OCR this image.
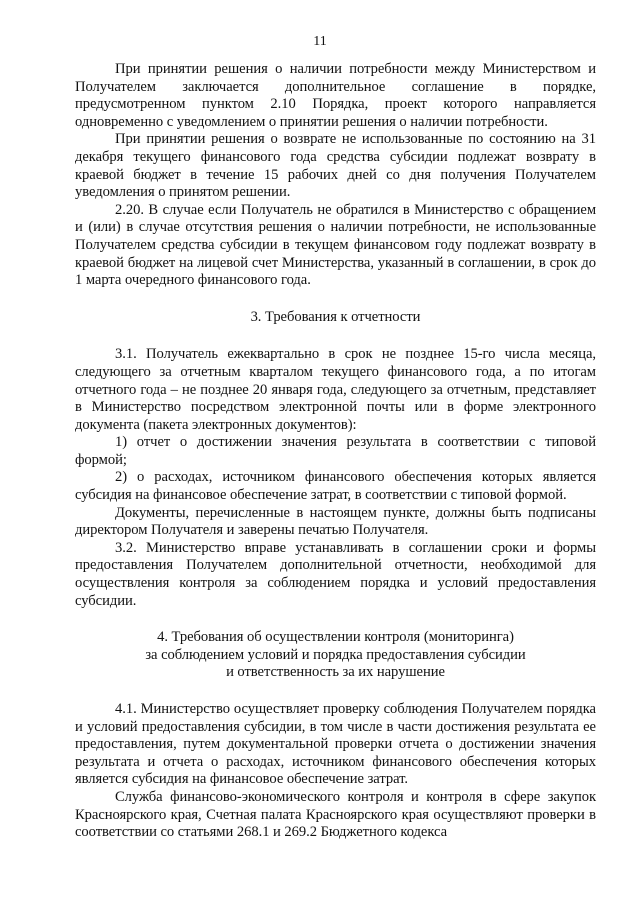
11

При принятии решения о наличии потребности между Министерством и Получателем заключается дополнительное соглашение в порядке, предусмотренном пунктом 2.10 Порядка, проект которого направляется одновременно с уведомлением о принятии решения о наличии потребности.

При принятии решения о возврате не использованные по состоянию на 31 декабря текущего финансового года средства субсидии подлежат возврату в краевой бюджет в течение 15 рабочих дней со дня получения Получателем уведомления о принятом решении.

2.20. В случае если Получатель не обратился в Министерство с обращением и (или) в случае отсутствия решения о наличии потребности, не использованные Получателем средства субсидии в текущем финансовом году подлежат возврату в краевой бюджет на лицевой счет Министерства, указанный в соглашении, в срок до 1 марта очередного финансового года.

3. Требования к отчетности

3.1. Получатель ежеквартально в срок не позднее 15-го числа месяца, следующего за отчетным кварталом текущего финансового года, а по итогам отчетного года – не позднее 20 января года, следующего за отчетным, представляет в Министерство посредством электронной почты или в форме электронного документа (пакета электронных документов):

1) отчет о достижении значения результата в соответствии с типовой формой;

2) о расходах, источником финансового обеспечения которых является субсидия на финансовое обеспечение затрат, в соответствии с типовой формой.

Документы, перечисленные в настоящем пункте, должны быть подписаны директором Получателя и заверены печатью Получателя.

3.2. Министерство вправе устанавливать в соглашении сроки и формы предоставления Получателем дополнительной отчетности, необходимой для осуществления контроля за соблюдением порядка и условий предоставления субсидии.

4. Требования об осуществлении контроля (мониторинга)
за соблюдением условий и порядка предоставления субсидии
и ответственность за их нарушение

4.1. Министерство осуществляет проверку соблюдения Получателем порядка и условий предоставления субсидии, в том числе в части достижения результата ее предоставления, путем документальной проверки отчета о достижении значения результата и отчета о расходах, источником финансового обеспечения которых является субсидия на финансовое обеспечение затрат.

Служба финансово-экономического контроля и контроля в сфере закупок Красноярского края, Счетная палата Красноярского края осуществляют проверки в соответствии со статьями 268.1 и 269.2 Бюджетного кодекса
